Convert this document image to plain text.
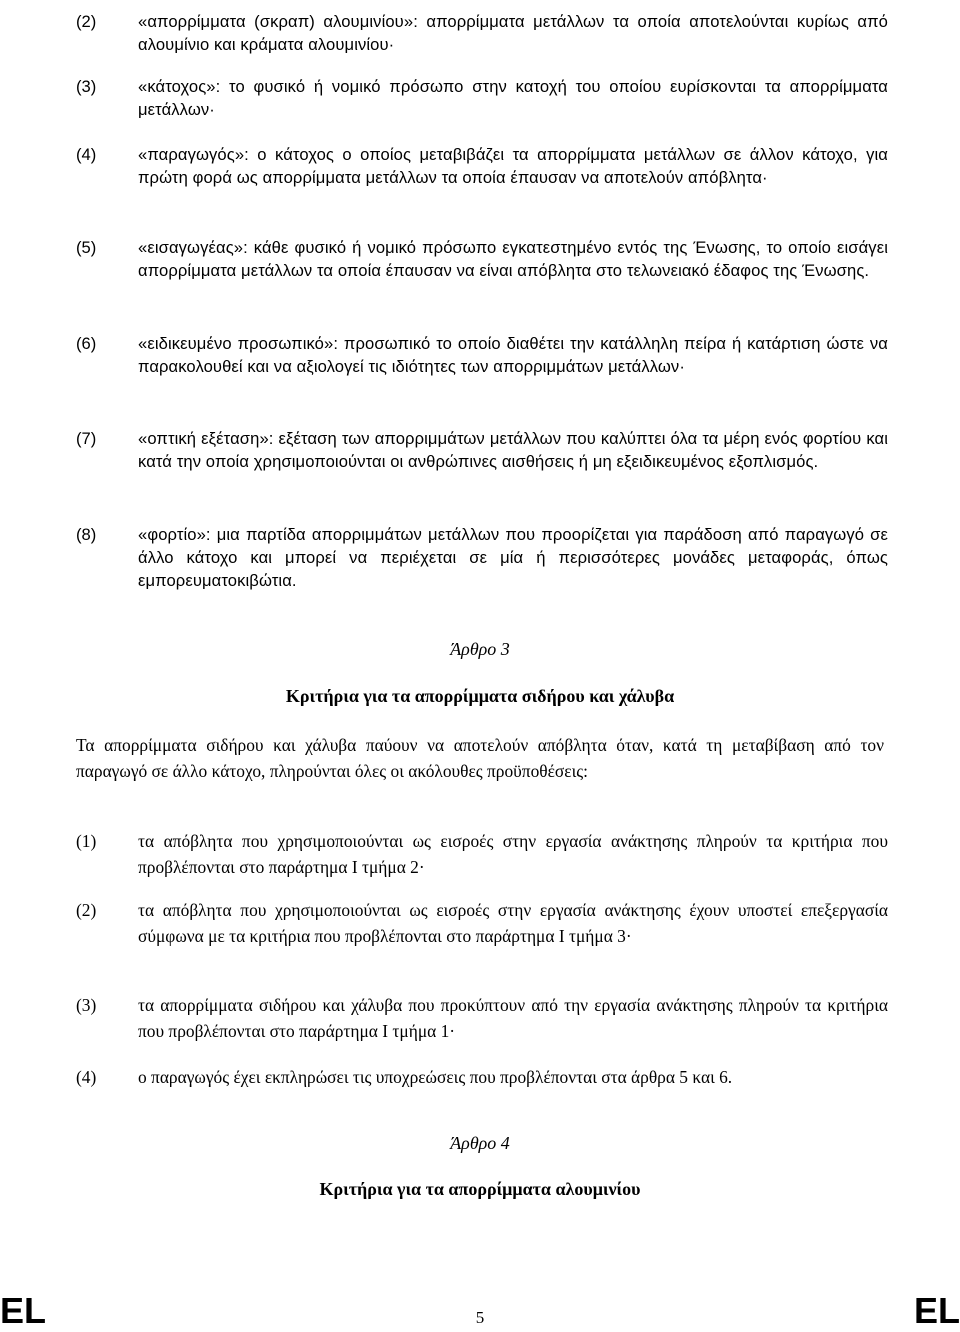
(2)	«απορρίμματα (σκραπ) αλουμινίου»: απορρίμματα μετάλλων τα οποία αποτελούνται κυρίως από αλουμίνιο και κράματα αλουμινίου·
(3)	«κάτοχος»: το φυσικό ή νομικό πρόσωπο στην κατοχή του οποίου ευρίσκονται τα απορρίμματα μετάλλων·
(4)	«παραγωγός»: ο κάτοχος ο οποίος μεταβιβάζει τα απορρίμματα μετάλλων σε άλλον κάτοχο, για πρώτη φορά ως απορρίμματα μετάλλων τα οποία έπαυσαν να αποτελούν απόβλητα·
(5)	«εισαγωγέας»: κάθε φυσικό ή νομικό πρόσωπο εγκατεστημένο εντός της Ένωσης, το οποίο εισάγει απορρίμματα μετάλλων τα οποία έπαυσαν να είναι απόβλητα στο τελωνειακό έδαφος της Ένωσης.
(6)	«ειδικευμένο προσωπικό»: προσωπικό το οποίο διαθέτει την κατάλληλη πείρα ή κατάρτιση ώστε να παρακολουθεί και να αξιολογεί τις ιδιότητες των απορριμμάτων μετάλλων·
(7)	«οπτική εξέταση»: εξέταση των απορριμμάτων μετάλλων που καλύπτει όλα τα μέρη ενός φορτίου και κατά την οποία χρησιμοποιούνται οι ανθρώπινες αισθήσεις ή μη εξειδικευμένος εξοπλισμός.
(8)	«φορτίο»: μια παρτίδα απορριμμάτων μετάλλων που προορίζεται για παράδοση από παραγωγό σε άλλο κάτοχο και μπορεί να περιέχεται σε μία ή περισσότερες μονάδες μεταφοράς, όπως εμπορευματοκιβώτια.
Άρθρο 3
Κριτήρια για τα απορρίμματα σιδήρου και χάλυβα
Τα απορρίμματα σιδήρου και χάλυβα παύουν να αποτελούν απόβλητα όταν, κατά τη μεταβίβαση από τον παραγωγό σε άλλο κάτοχο, πληρούνται όλες οι ακόλουθες προϋποθέσεις:
(1) τα απόβλητα που χρησιμοποιούνται ως εισροές στην εργασία ανάκτησης πληρούν τα κριτήρια που προβλέπονται στο παράρτημα I τμήμα 2·
(2) τα απόβλητα που χρησιμοποιούνται ως εισροές στην εργασία ανάκτησης έχουν υποστεί επεξεργασία σύμφωνα με τα κριτήρια που προβλέπονται στο παράρτημα I τμήμα 3·
(3) τα απορρίμματα σιδήρου και χάλυβα που προκύπτουν από την εργασία ανάκτησης πληρούν τα κριτήρια που προβλέπονται στο παράρτημα I τμήμα 1·
(4) ο παραγωγός έχει εκπληρώσει τις υποχρεώσεις που προβλέπονται στα άρθρα 5 και 6.
Άρθρο 4
Κριτήρια για τα απορρίμματα αλουμινίου
EL	5	EL
